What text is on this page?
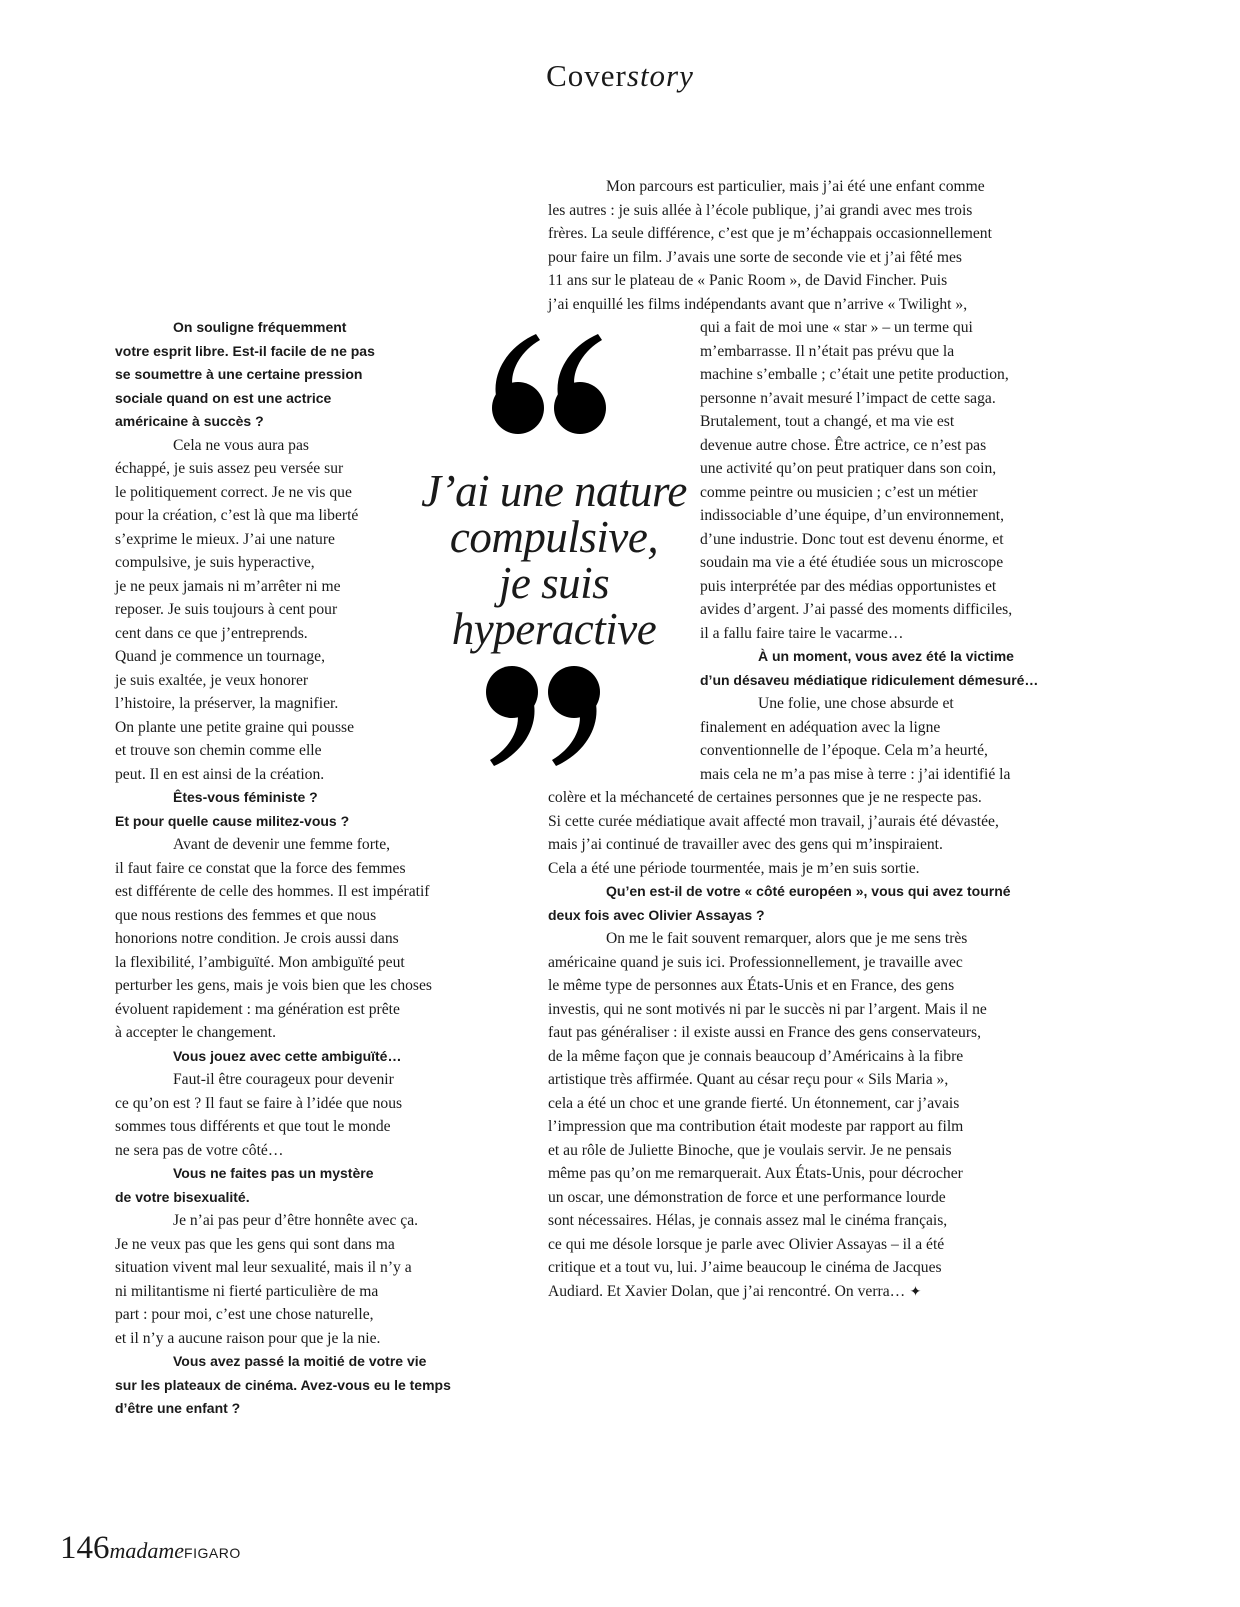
Coverstory

On souligne fréquemment

votre esprit libre. Est-il facile de ne pas

se soumettre à une certaine pression

sociale quand on est une actrice

américaine à succès ?

Cela ne vous aura pas

échappé, je suis assez peu versée sur

le politiquement correct. Je ne vis que

pour la création, c’est là que ma liberté

s’exprime le mieux. J’ai une nature

compulsive, je suis hyperactive,

je ne peux jamais ni m’arrêter ni me

reposer. Je suis toujours à cent pour

cent dans ce que j’entreprends.

Quand je commence un tournage,

je suis exaltée, je veux honorer

l’histoire, la préserver, la magnifier.

On plante une petite graine qui pousse

et trouve son chemin comme elle

peut. Il en est ainsi de la création.

Êtes-vous féministe ?

Et pour quelle cause militez-vous ?

Avant de devenir une femme forte,

il faut faire ce constat que la force des femmes

est différente de celle des hommes. Il est impératif

que nous restions des femmes et que nous

honorions notre condition. Je crois aussi dans

la flexibilité, l’ambiguïté. Mon ambiguïté peut

perturber les gens, mais je vois bien que les choses

évoluent rapidement : ma génération est prête

à accepter le changement.

Vous jouez avec cette ambiguïté…

Faut-il être courageux pour devenir

ce qu’on est ? Il faut se faire à l’idée que nous

sommes tous différents et que tout le monde

ne sera pas de votre côté…

Vous ne faites pas un mystère

de votre bisexualité.

Je n’ai pas peur d’être honnête avec ça.

Je ne veux pas que les gens qui sont dans ma

situation vivent mal leur sexualité, mais il n’y a

ni militantisme ni fierté particulière de ma

part : pour moi, c’est une chose naturelle,

et il n’y a aucune raison pour que je la nie.

Vous avez passé la moitié de votre vie

sur les plateaux de cinéma. Avez-vous eu le temps

d’être une enfant ?

Mon parcours est particulier, mais j’ai été une enfant comme

les autres : je suis allée à l’école publique, j’ai grandi avec mes trois

frères. La seule différence, c’est que je m’échappais occasionnellement

pour faire un film. J’avais une sorte de seconde vie et j’ai fêté mes

11 ans sur le plateau de « Panic Room », de David Fincher. Puis

j’ai enquillé les films indépendants avant que n’arrive « Twilight »,

qui a fait de moi une « star » – un terme qui

m’embarrasse. Il n’était pas prévu que la

machine s’emballe ; c’était une petite production,

personne n’avait mesuré l’impact de cette saga.

Brutalement, tout a changé, et ma vie est

devenue autre chose. Être actrice, ce n’est pas

une activité qu’on peut pratiquer dans son coin,

comme peintre ou musicien ; c’est un métier

indissociable d’une équipe, d’un environnement,

d’une industrie. Donc tout est devenu énorme, et

soudain ma vie a été étudiée sous un microscope

puis interprétée par des médias opportunistes et

avides d’argent. J’ai passé des moments difficiles,

il a fallu faire taire le vacarme…

À un moment, vous avez été la victime

d’un désaveu médiatique ridiculement démesuré…

Une folie, une chose absurde et

finalement en adéquation avec la ligne

conventionnelle de l’époque. Cela m’a heurté,

mais cela ne m’a pas mise à terre : j’ai identifié la

colère et la méchanceté de certaines personnes que je ne respecte pas.

Si cette curée médiatique avait affecté mon travail, j’aurais été dévastée,

mais j’ai continué de travailler avec des gens qui m’inspiraient.

Cela a été une période tourmentée, mais je m’en suis sortie.

Qu’en est-il de votre « côté européen », vous qui avez tourné

deux fois avec Olivier Assayas ?

On me le fait souvent remarquer, alors que je me sens très

américaine quand je suis ici. Professionnellement, je travaille avec

le même type de personnes aux États-Unis et en France, des gens

investis, qui ne sont motivés ni par le succès ni par l’argent. Mais il ne

faut pas généraliser : il existe aussi en France des gens conservateurs,

de la même façon que je connais beaucoup d’Américains à la fibre

artistique très affirmée. Quant au césar reçu pour « Sils Maria »,

cela a été un choc et une grande fierté. Un étonnement, car j’avais

l’impression que ma contribution était modeste par rapport au film

et au rôle de Juliette Binoche, que je voulais servir. Je ne pensais

même pas qu’on me remarquerait. Aux États-Unis, pour décrocher

un oscar, une démonstration de force et une performance lourde

sont nécessaires. Hélas, je connais assez mal le cinéma français,

ce qui me désole lorsque je parle avec Olivier Assayas – il a été

critique et a tout vu, lui. J’aime beaucoup le cinéma de Jacques

Audiard. Et Xavier Dolan, que j’ai rencontré. On verra… ✦

J’ai une nature
compulsive,
je suis
hyperactive
146madameFIGARO
